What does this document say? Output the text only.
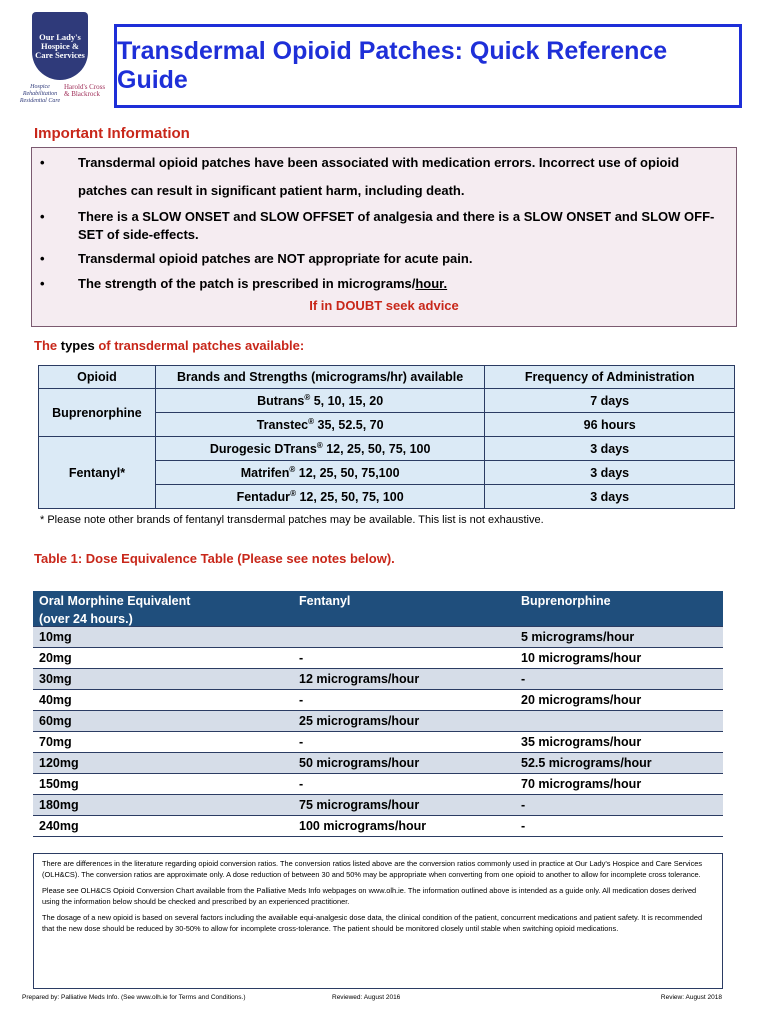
Our Lady's Hospice & Care Services
Hospice Rehabilitation Residential Care
Harold's Cross & Blackrock
Transdermal Opioid Patches: Quick Reference Guide
Important Information
•	Transdermal opioid patches have been associated with medication errors. Incorrect use of opioid patches can result in significant patient harm, including death.
•	There is a SLOW ONSET and SLOW OFFSET of analgesia and there is a SLOW ONSET and SLOW OFF-SET of side-effects.
•	Transdermal opioid patches are NOT appropriate for acute pain.
•	The strength of the patch is prescribed in micrograms/hour.
If in DOUBT seek advice
The types of transdermal patches available:
Opioid	Brands and Strengths (micrograms/hr) available	Frequency of Administration
Buprenorphine	Butrans® 5, 10, 15, 20	7 days
	Transtec® 35, 52.5, 70	96 hours
Fentanyl*	Durogesic DTrans® 12, 25, 50, 75, 100	3 days
	Matrifen® 12, 25, 50, 75,100	3 days
	Fentadur® 12, 25, 50, 75, 100	3 days
* Please note other brands of fentanyl transdermal patches may be available. This list is not exhaustive.
Table 1: Dose Equivalence Table (Please see notes below).
Oral Morphine Equivalent
(over 24 hours.)	Fentanyl	Buprenorphine
10mg		5 micrograms/hour
20mg	-	10 micrograms/hour
30mg	12 micrograms/hour	-
40mg	-	20 micrograms/hour
60mg	25 micrograms/hour	
70mg	-	35 micrograms/hour
120mg	50 micrograms/hour	52.5 micrograms/hour
150mg	-	70 micrograms/hour
180mg	75 micrograms/hour	-
240mg	100 micrograms/hour	-

There are differences in the literature regarding opioid conversion ratios. The conversion ratios listed above are the conversion ratios commonly used in practice at Our Lady's Hospice and Care Services (OLH&CS). The conversion ratios are approximate only. A dose reduction of between 30 and 50% may be appropriate when converting from one opioid to another to allow for incomplete cross tolerance.

Please see OLH&CS Opioid Conversion Chart available from the Palliative Meds Info webpages on www.olh.ie. The information outlined above is intended as a guide only. All medication doses derived using the information below should be checked and prescribed by an experienced practitioner.

The dosage of a new opioid is based on several factors including the available equi-analgesic dose data, the clinical condition of the patient, concurrent medications and patient safety. It is recommended that the new dose should be reduced by 30-50% to allow for incomplete cross-tolerance. The patient should be monitored closely until stable when switching opioid medications.

Prepared by: Palliative Meds Info. (See www.olh.ie for Terms and Conditions.)	Reviewed: August 2016	Review: August 2018
